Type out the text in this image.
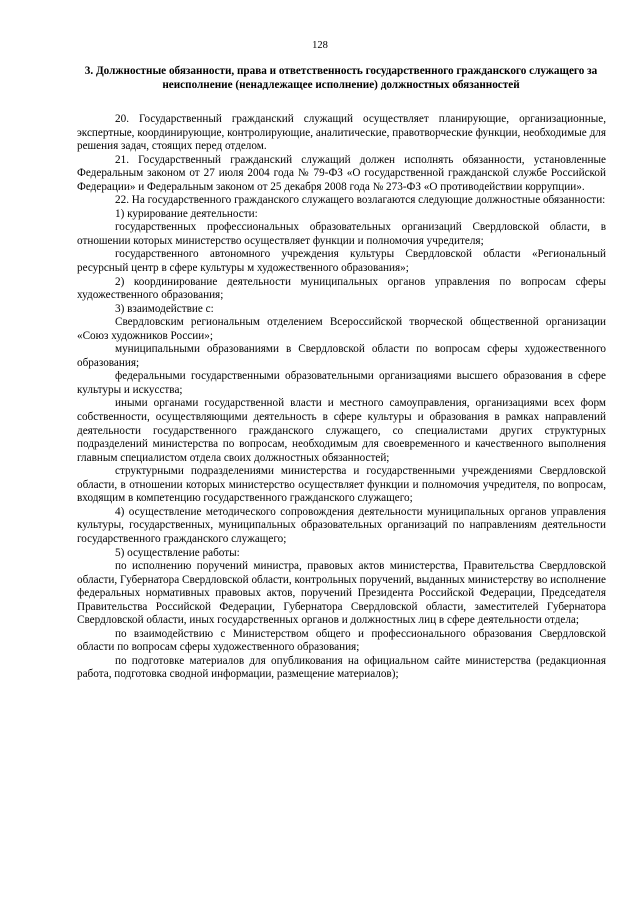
128
3. Должностные обязанности, права и ответственность государственного гражданского служащего за неисполнение (ненадлежащее исполнение) должностных обязанностей

20. Государственный гражданский служащий осуществляет планирующие, организационные, экспертные, координирующие, контролирующие, аналитические, правотворческие функции, необходимые для решения задач, стоящих перед отделом.

21. Государственный гражданский служащий должен исполнять обязанности, установленные Федеральным законом от 27 июля 2004 года № 79-ФЗ «О государственной гражданской службе Российской Федерации» и Федеральным законом от 25 декабря 2008 года № 273-ФЗ «О противодействии коррупции».

22. На государственного гражданского служащего возлагаются следующие должностные обязанности:

1) курирование деятельности:

государственных профессиональных образовательных организаций Свердловской области, в отношении которых министерство осуществляет функции и полномочия учредителя;

государственного автономного учреждения культуры Свердловской области «Региональный ресурсный центр в сфере культуры м художественного образования»;

2) координирование деятельности муниципальных органов управления по вопросам сферы художественного образования;

3) взаимодействие с:

Свердловским региональным отделением Всероссийской творческой общественной организации «Союз художников России»;

муниципальными образованиями в Свердловской области по вопросам сферы художественного образования;

федеральными государственными образовательными организациями высшего образования в сфере культуры и искусства;

иными органами государственной власти и местного самоуправления, организациями всех форм собственности, осуществляющими деятельность в сфере культуры и образования в рамках направлений деятельности государственного гражданского служащего, со специалистами других структурных подразделений министерства по вопросам, необходимым для своевременного и качественного выполнения главным специалистом отдела своих должностных обязанностей;

структурными подразделениями министерства и государственными учреждениями Свердловской области, в отношении которых министерство осуществляет функции и полномочия учредителя, по вопросам, входящим в компетенцию государственного гражданского служащего;

4) осуществление методического сопровождения деятельности муниципальных органов управления культуры, государственных, муниципальных образовательных организаций по направлениям деятельности государственного гражданского служащего;

5) осуществление работы:

по исполнению поручений министра, правовых актов министерства, Правительства Свердловской области, Губернатора Свердловской области, контрольных поручений, выданных министерству во исполнение федеральных нормативных правовых актов, поручений Президента Российской Федерации, Председателя Правительства Российской Федерации, Губернатора Свердловской области, заместителей Губернатора Свердловской области, иных государственных органов и должностных лиц в сфере деятельности отдела;

по взаимодействию с Министерством общего и профессионального образования Свердловской области по вопросам сферы художественного образования;

по подготовке материалов для опубликования на официальном сайте министерства (редакционная работа, подготовка сводной информации, размещение материалов);
